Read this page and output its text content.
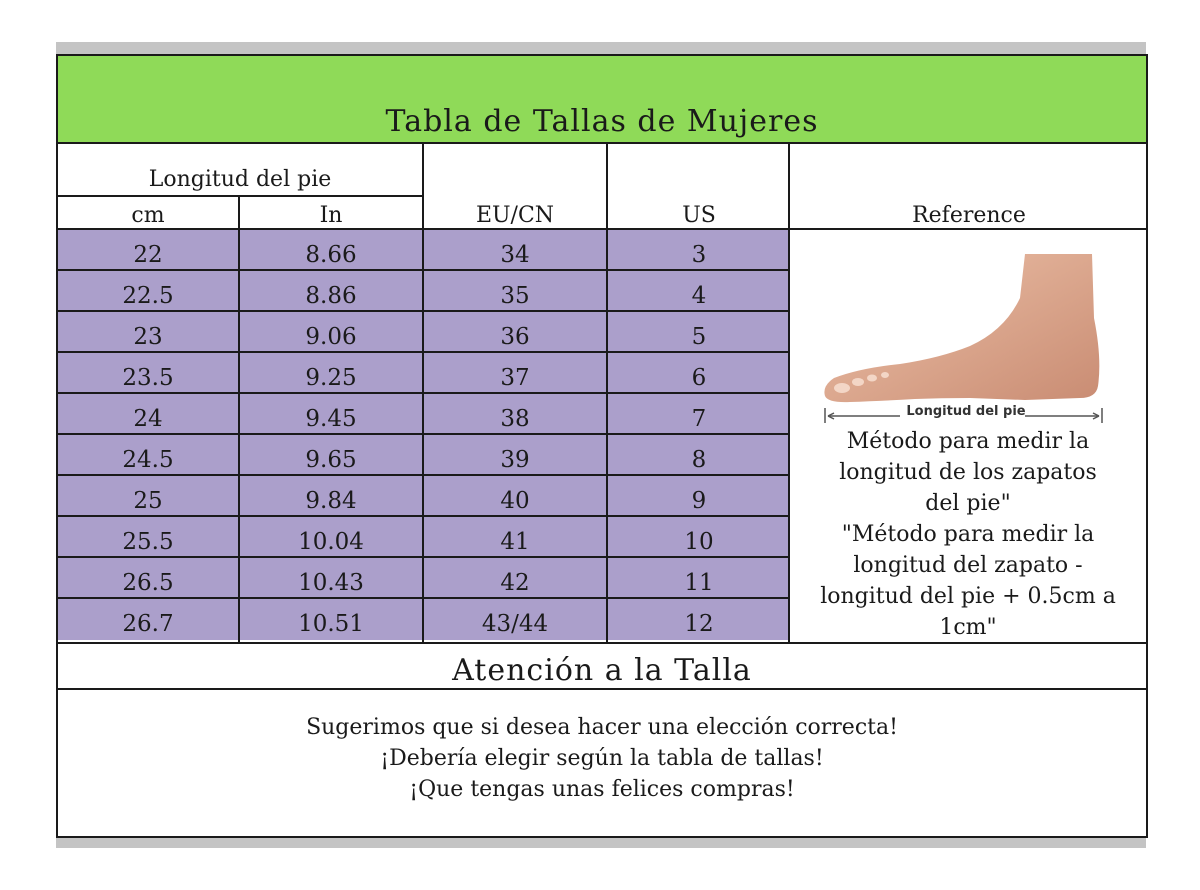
Tabla de Tallas de Mujeres
Longitud del pie
cm	In	EU/CN	US	Reference
22	8.66	34	3
22.5	8.86	35	4
23	9.06	36	5
23.5	9.25	37	6
24	9.45	38	7
24.5	9.65	39	8
25	9.84	40	9
25.5	10.04	41	10
26.5	10.43	42	11
26.7	10.51	43/44	12
Longitud del pie
Método para medir la
longitud de los zapatos
del pie"
"Método para medir la
longitud del zapato -
longitud del pie + 0.5cm a
1cm"
Atención a la Talla
Sugerimos que si desea hacer una elección correcta!
¡Debería elegir según la tabla de tallas!
¡Que tengas unas felices compras!
